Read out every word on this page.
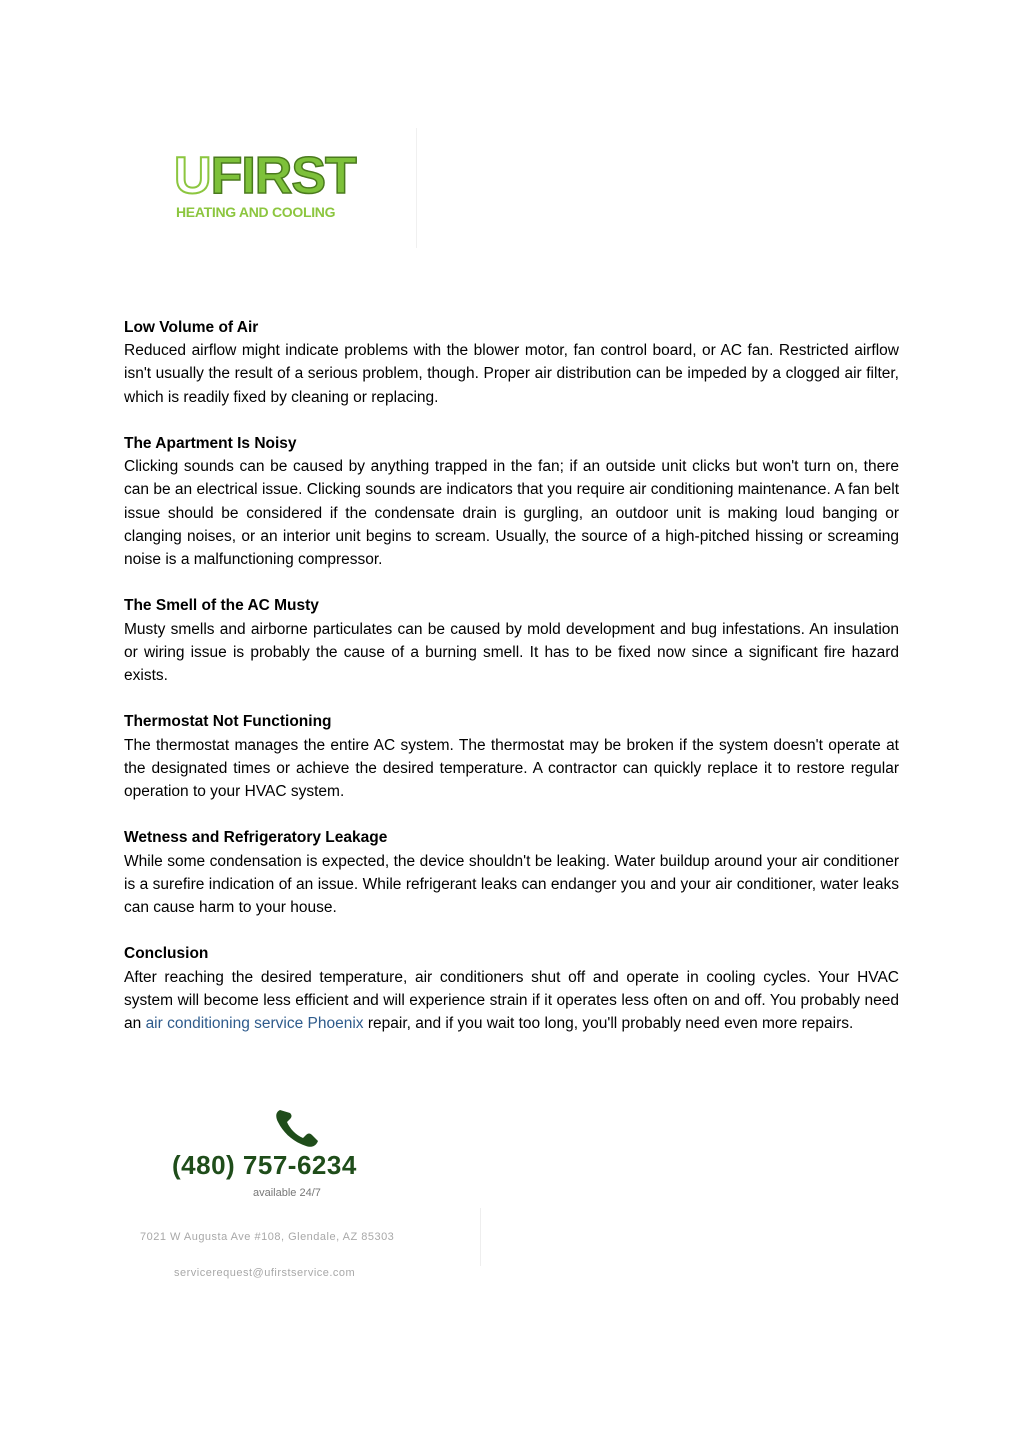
UFIRST
HEATING AND COOLING
Low Volume of Air
Reduced airflow might indicate problems with the blower motor, fan control board, or AC fan. Restricted airflow isn't usually the result of a serious problem, though. Proper air distribution can be impeded by a clogged air filter, which is readily fixed by cleaning or replacing.
The Apartment Is Noisy
Clicking sounds can be caused by anything trapped in the fan; if an outside unit clicks but won't turn on, there can be an electrical issue. Clicking sounds are indicators that you require air conditioning maintenance. A fan belt issue should be considered if the condensate drain is gurgling, an outdoor unit is making loud banging or clanging noises, or an interior unit begins to scream. Usually, the source of a high-pitched hissing or screaming noise is a malfunctioning compressor.
The Smell of the AC Musty
Musty smells and airborne particulates can be caused by mold development and bug infestations. An insulation or wiring issue is probably the cause of a burning smell. It has to be fixed now since a significant fire hazard exists.
Thermostat Not Functioning
The thermostat manages the entire AC system. The thermostat may be broken if the system doesn't operate at the designated times or achieve the desired temperature. A contractor can quickly replace it to restore regular operation to your HVAC system.
Wetness and Refrigeratory Leakage
While some condensation is expected, the device shouldn't be leaking. Water buildup around your air conditioner is a surefire indication of an issue. While refrigerant leaks can endanger you and your air conditioner, water leaks can cause harm to your house.
Conclusion
After reaching the desired temperature, air conditioners shut off and operate in cooling cycles. Your HVAC system will become less efficient and will experience strain if it operates less often on and off. You probably need an air conditioning service Phoenix repair, and if you wait too long, you'll probably need even more repairs.
(480) 757-6234
available 24/7
7021 W Augusta Ave #108, Glendale, AZ 85303
servicerequest@ufirstservice.com
